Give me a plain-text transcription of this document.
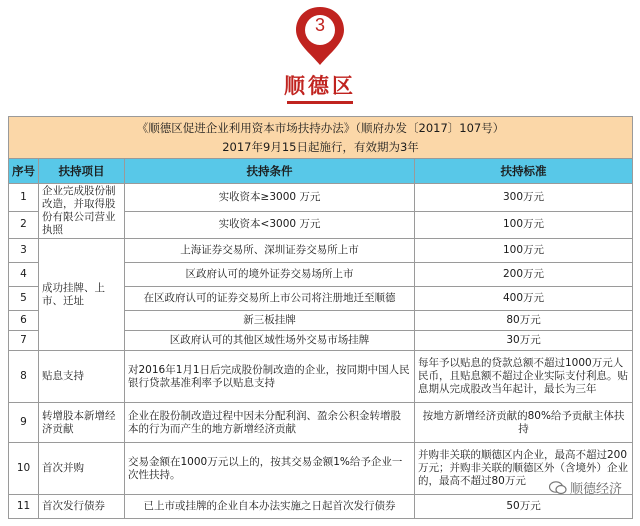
3
顺德区
《顺德区促进企业利用资本市场扶持办法》（顺府办发〔2017〕107号）			
2017年9月15日起施行，有效期为3年			
序号	扶持项目	扶持条件	扶持标准
1	企业完成股份制改造，并取得股份有限公司营业执照	实收资本≥3000 万元	300万元
2		实收资本<3000 万元	100万元
3	成功挂牌、上市、迁址	上海证券交易所、深圳证券交易所上市	100万元
4		区政府认可的境外证券交易场所上市	200万元
5		在区政府认可的证券交易所上市公司将注册地迁至顺德	400万元
6		新三板挂牌	80万元
7		区政府认可的其他区域性场外交易市场挂牌	30万元
8	贴息支持	对2016年1月1日后完成股份制改造的企业，按同期中国人民银行贷款基准利率予以贴息支持	每年予以贴息的贷款总额不超过1000万元人民币，且贴息额不超过企业实际支付利息。贴息期从完成股改当年起计，最长为三年
9	转增股本新增经济贡献	企业在股份制改造过程中因未分配利润、盈余公积金转增股本的行为而产生的地方新增经济贡献	按地方新增经济贡献的80%给予贡献主体扶持
10	首次并购	交易金额在1000万元以上的，按其交易金额1%给予企业一次性扶持。	并购非关联的顺德区内企业，最高不超过200万元；并购非关联的顺德区外（含境外）企业的，最高不超过80万元
11	首次发行债券	已上市或挂牌的企业自本办法实施之日起首次发行债券	50万元
顺德经济
